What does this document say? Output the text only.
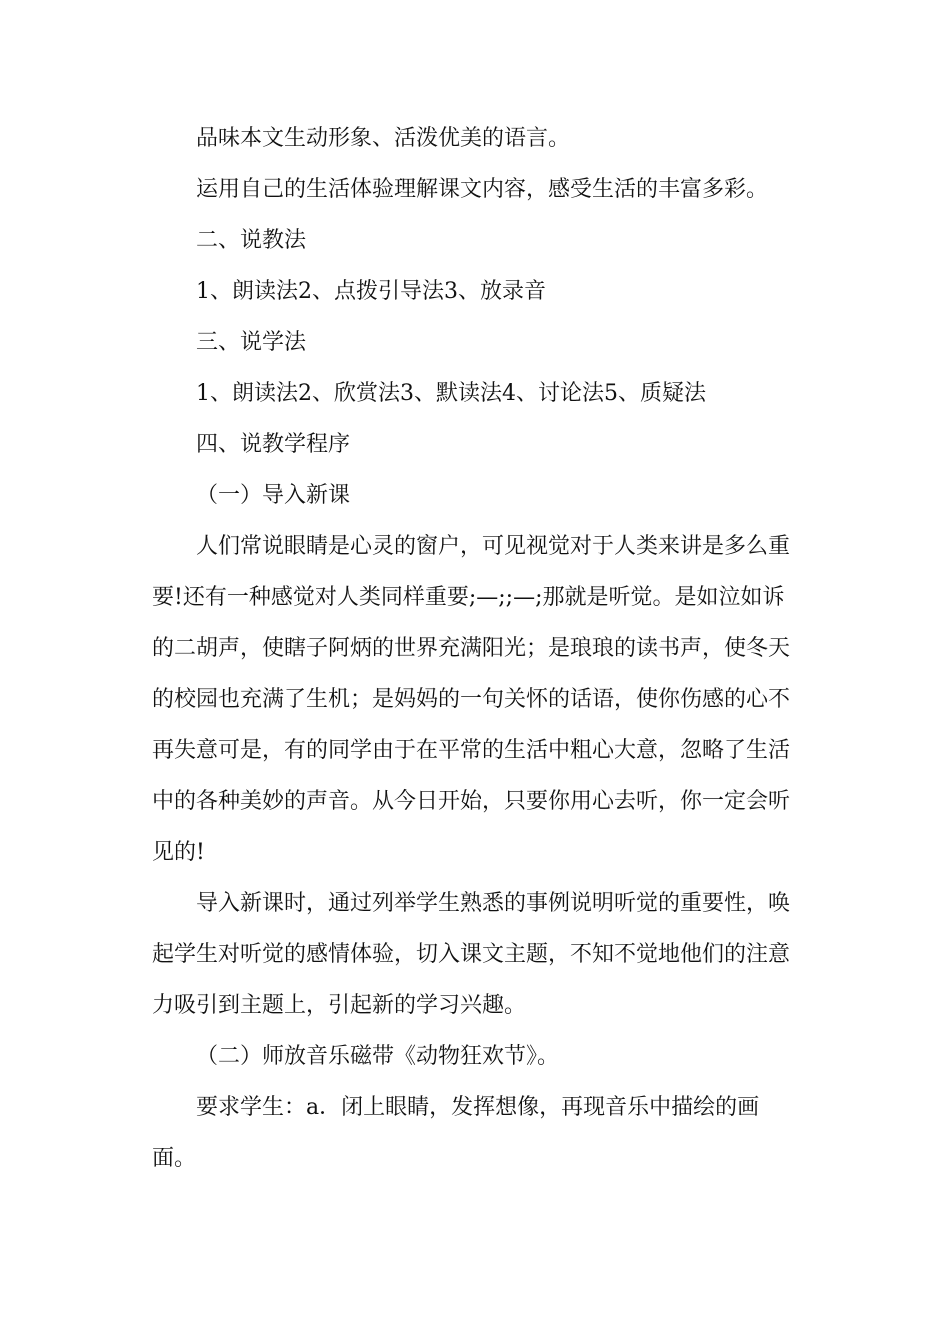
品味本文生动形象、活泼优美的语言。

运用自己的生活体验理解课文内容，感受生活的丰富多彩。

二、说教法

1、朗读法2、点拨引导法3、放录音

三、说学法

1、朗读法2、欣赏法3、默读法4、讨论法5、质疑法

四、说教学程序

（一）导入新课

人们常说眼睛是心灵的窗户，可见视觉对于人类来讲是多么重要!还有一种感觉对人类同样重要;—;;—;那就是听觉。是如泣如诉的二胡声，使瞎子阿炳的世界充满阳光；是琅琅的读书声，使冬天的校园也充满了生机；是妈妈的一句关怀的话语，使你伤感的心不再失意可是，有的同学由于在平常的生活中粗心大意，忽略了生活中的各种美妙的声音。从今日开始，只要你用心去听，你一定会听见的!

导入新课时，通过列举学生熟悉的事例说明听觉的重要性，唤起学生对听觉的感情体验，切入课文主题，不知不觉地他们的注意力吸引到主题上，引起新的学习兴趣。

（二）师放音乐磁带《动物狂欢节》。

要求学生：a．闭上眼睛，发挥想像，再现音乐中描绘的画面。
